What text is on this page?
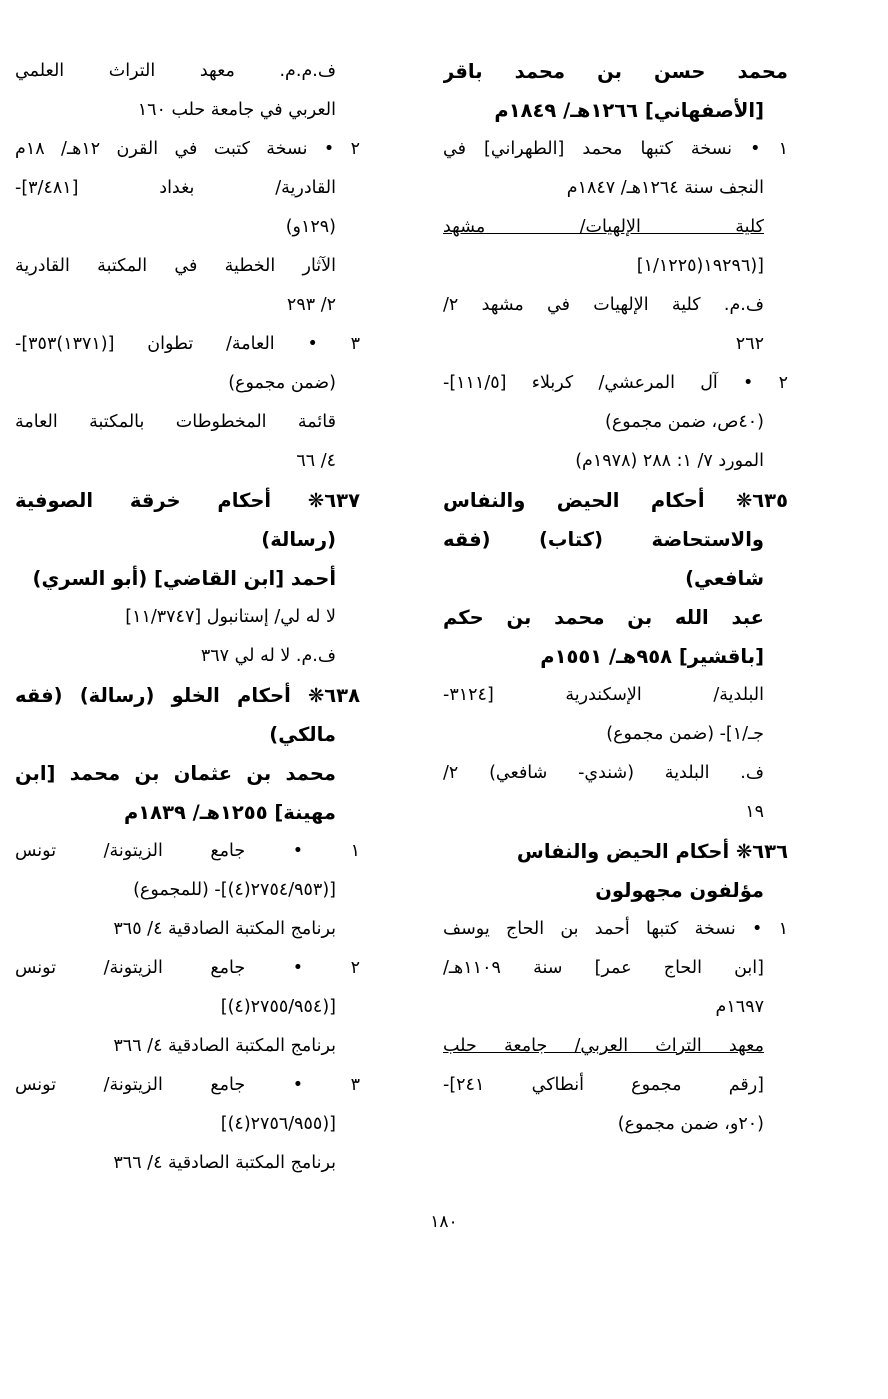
محمد حسن بن محمد باقر
[الأصفهاني] ١٢٦٦هـ/ ١٨٤٩م
١ • نسخة كتبها محمد [الطهراني] في
النجف سنة ١٢٦٤هـ/ ١٨٤٧م
كلية الإلهيات/ مشهد
[(١٩٢٩٦(١/١٢٢٥]
ف.م. كلية الإلهيات في مشهد ٢/
٢٦٢
٢ • آل المرعشي/ كربلاء [١١١/٥]-
(٤٠ص، ضمن مجموع)
المورد ٧/ ١: ٢٨٨ (١٩٧٨م)
٦٣٥❋ أحكام الحيض والنفاس
والاستحاضة (كتاب) (فقه
شافعي)
عبد الله بن محمد بن حكم
[باقشير] ٩٥٨هـ/ ١٥٥١م
البلدية/ الإسكندرية [٣١٢٤-
جـ/١]- (ضمن مجموع)
ف. البلدية (شندي- شافعي) ٢/
١٩
٦٣٦❋ أحكام الحيض والنفاس
مؤلفون مجهولون
١ • نسخة كتبها أحمد بن الحاج يوسف
[ابن الحاج عمر] سنة ١١٠٩هـ/
١٦٩٧م
معهد التراث العربي/ جامعة حلب
[رقم مجموع أنطاكي ٢٤١]-
(٢٠و، ضمن مجموع)
ف.م.م. معهد التراث العلمي
العربي في جامعة حلب ١٦٠
٢ • نسخة كتبت في القرن ١٢هـ/ ١٨م
القادرية/ بغداد [٣/٤٨١]-
(١٢٩و)
الآثار الخطية في المكتبة القادرية
٢/ ٢٩٣
٣ • العامة/ تطوان [(١٣٧١)٣٥٣]-
(ضمن مجموع)
قائمة المخطوطات بالمكتبة العامة
٤/ ٦٦
٦٣٧❋ أحكام خرقة الصوفية
(رسالة)
أحمد [ابن القاضي] (أبو السري)
لا له لي/ إستانبول [١١/٣٧٤٧]
ف.م. لا له لي ٣٦٧
٦٣٨❋ أحكام الخلو (رسالة) (فقه
مالكي)
محمد بن عثمان بن محمد [ابن
مهينة] ١٢٥٥هـ/ ١٨٣٩م
١ • جامع الزيتونة/ تونس
[(٢٧٥٤/٩٥٣(٤)]- (للمجموع)
برنامج المكتبة الصادقية ٤/ ٣٦٥
٢ • جامع الزيتونة/ تونس
[(٢٧٥٥/٩٥٤(٤)]
برنامج المكتبة الصادقية ٤/ ٣٦٦
٣ • جامع الزيتونة/ تونس
[(٢٧٥٦/٩٥٥(٤)]
برنامج المكتبة الصادقية ٤/ ٣٦٦
١٨٠
